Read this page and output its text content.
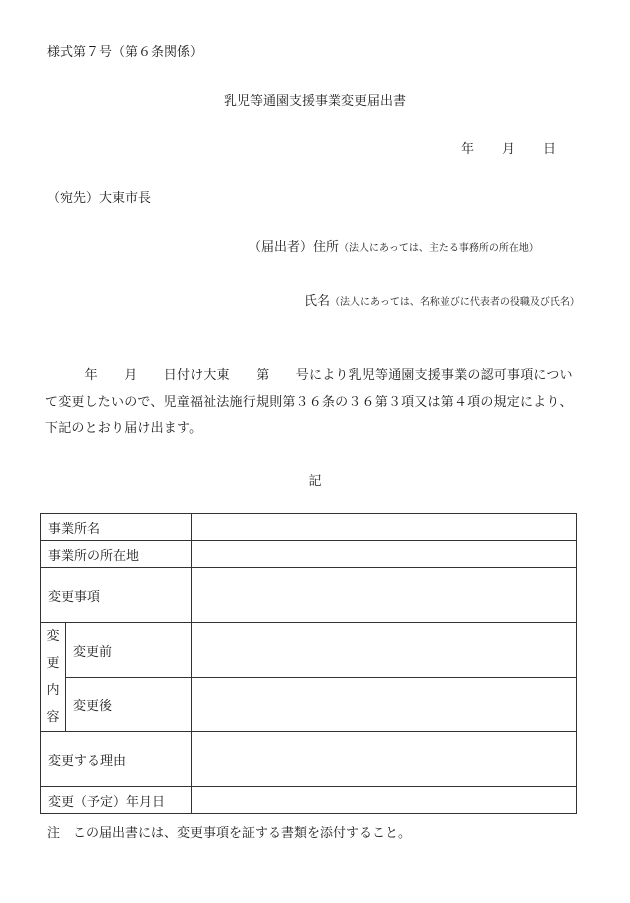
様式第７号（第６条関係）
乳児等通園支援事業変更届出書
年 月 日
（宛先）大東市長
（届出者）住所（法人にあっては、主たる事務所の所在地）
氏名（法人にあっては、名称並びに代表者の役職及び氏名）
　　　年　　月　　日付け大東　　第　　号により乳児等通園支援事業の認可事項につい
て変更したいので、児童福祉法施行規則第３６条の３６第３項又は第４項の規定により、
下記のとおり届け出ます。
記
事業所名		
事業所の所在地		
変更事項		

変
更
内
容	変更前	
	変更後	
変更する理由		
変更（予定）年月日		
注　この届出書には、変更事項を証する書類を添付すること。
